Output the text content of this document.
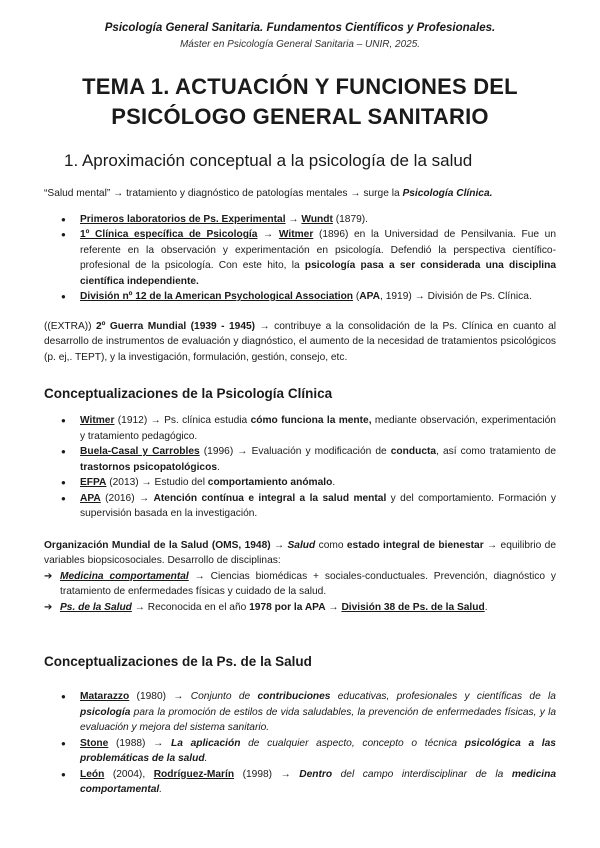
Psicología General Sanitaria. Fundamentos Científicos y Profesionales.
Máster en Psicología General Sanitaria – UNIR, 2025.
TEMA 1. ACTUACIÓN Y FUNCIONES DEL
PSICÓLOGO GENERAL SANITARIO
1. Aproximación conceptual a la psicología de la salud

“Salud mental” → tratamiento y diagnóstico de patologías mentales → surge la Psicología Clínica.

● Primeros laboratorios de Ps. Experimental → Wundt (1879).
● 1º Clínica específica de Psicología → Witmer (1896) en la Universidad de Pensilvania. Fue un referente en la observación y experimentación en psicología. Defendió la perspectiva científico-profesional de la psicología. Con este hito, la psicología pasa a ser considerada una disciplina científica independiente.
● División nº 12 de la American Psychological Association (APA, 1919) → División de Ps. Clínica.

((EXTRA)) 2º Guerra Mundial (1939 - 1945) → contribuye a la consolidación de la Ps. Clínica en cuanto al desarrollo de instrumentos de evaluación y diagnóstico, el aumento de la necesidad de tratamientos psicológicos (p. ej,. TEPT), y la investigación, formulación, gestión, consejo, etc.

Conceptualizaciones de la Psicología Clínica
● Witmer (1912) → Ps. clínica estudia cómo funciona la mente, mediante observación, experimentación y tratamiento pedagógico.
● Buela-Casal y Carrobles (1996) → Evaluación y modificación de conducta, así como tratamiento de trastornos psicopatológicos.
● EFPA (2013) → Estudio del comportamiento anómalo.
● APA (2016) → Atención contínua e integral a la salud mental y del comportamiento. Formación y supervisión basada en la investigación.

Organización Mundial de la Salud (OMS, 1948) → Salud como estado integral de bienestar → equilibrio de variables biopsicosociales. Desarrollo de disciplinas:

➔ Medicina comportamental → Ciencias biomédicas + sociales-conductuales. Prevención, diagnóstico y tratamiento de enfermedades físicas y cuidado de la salud.
➔ Ps. de la Salud → Reconocida en el año 1978 por la APA → División 38 de Ps. de la Salud.
Conceptualizaciones de la Ps. de la Salud
● Matarazzo (1980) → Conjunto de contribuciones educativas, profesionales y científicas de la psicología para la promoción de estilos de vida saludables, la prevención de enfermedades físicas, y la evaluación y mejora del sistema sanitario.
● Stone (1988) → La aplicación de cualquier aspecto, concepto o técnica psicológica a las problemáticas de la salud.
● León (2004), Rodríguez-Marín (1998) → Dentro del campo interdisciplinar de la medicina comportamental.
